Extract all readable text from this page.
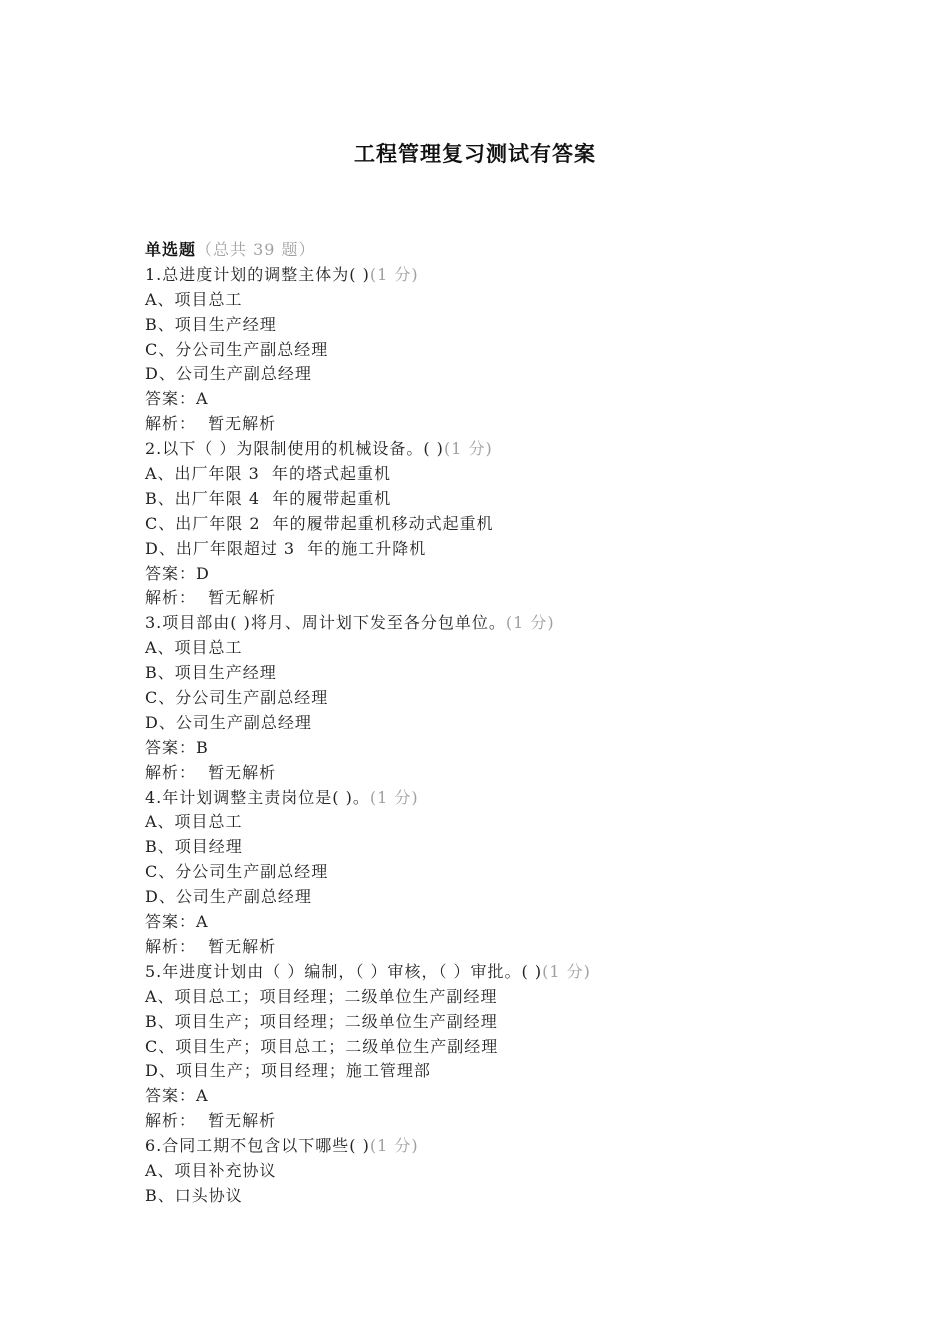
工程管理复习测试有答案
单选题（总共 39 题）
1.总进度计划的调整主体为( )(1 分)
A、项目总工
B、项目生产经理
C、分公司生产副总经理
D、公司生产副总经理
答案：A
解析：  暂无解析
2.以下（ ）为限制使用的机械设备。( )(1 分)
A、出厂年限 3  年的塔式起重机
B、出厂年限 4  年的履带起重机
C、出厂年限 2  年的履带起重机移动式起重机
D、出厂年限超过 3  年的施工升降机
答案：D
解析：  暂无解析
3.项目部由( )将月、周计划下发至各分包单位。(1 分)
A、项目总工
B、项目生产经理
C、分公司生产副总经理
D、公司生产副总经理
答案：B
解析：  暂无解析
4.年计划调整主责岗位是( )。(1 分)
A、项目总工
B、项目经理
C、分公司生产副总经理
D、公司生产副总经理
答案：A
解析：  暂无解析
5.年进度计划由（ ）编制，（ ）审核，（ ）审批。( )(1 分)
A、项目总工；项目经理；二级单位生产副经理
B、项目生产；项目经理；二级单位生产副经理
C、项目生产；项目总工；二级单位生产副经理
D、项目生产；项目经理；施工管理部
答案：A
解析：  暂无解析
6.合同工期不包含以下哪些( )(1 分)
A、项目补充协议
B、口头协议
